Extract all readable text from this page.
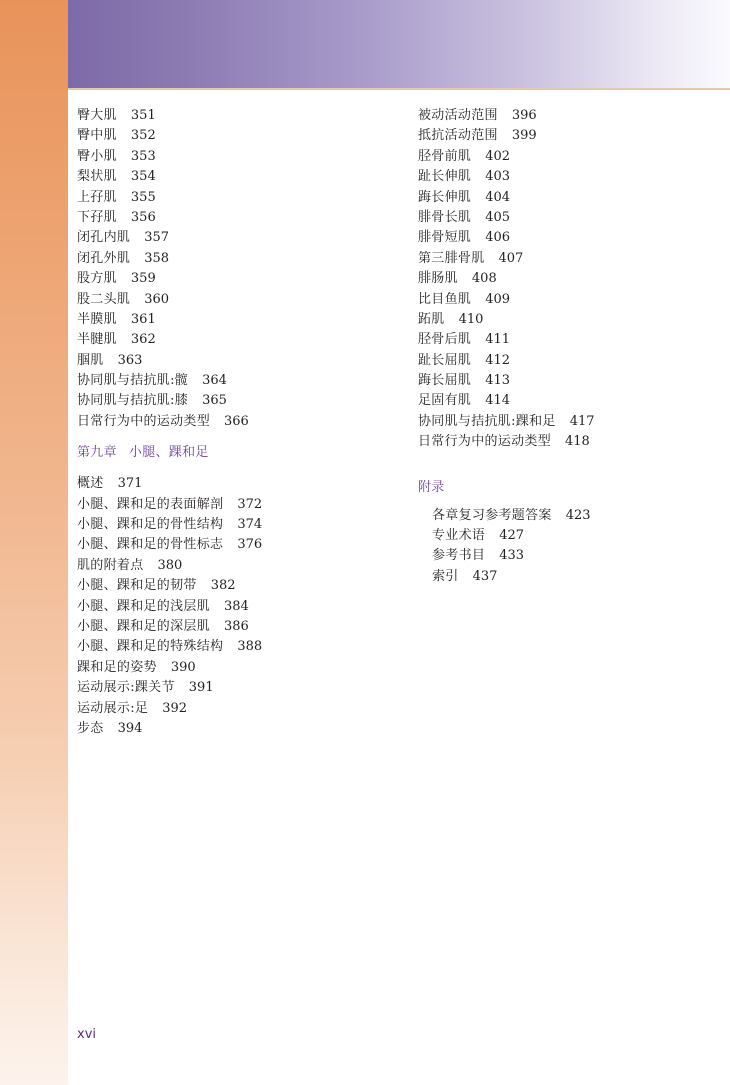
臀大肌 351
臀中肌 352
臀小肌 353
梨状肌 354
上孖肌 355
下孖肌 356
闭孔内肌 357
闭孔外肌 358
股方肌 359
股二头肌 360
半膜肌 361
半腱肌 362
腘肌 363
协同肌与拮抗肌:髋 364
协同肌与拮抗肌:膝 365
日常行为中的运动类型 366
第九章 小腿、踝和足
概述 371
小腿、踝和足的表面解剖 372
小腿、踝和足的骨性结构 374
小腿、踝和足的骨性标志 376
肌的附着点 380
小腿、踝和足的韧带 382
小腿、踝和足的浅层肌 384
小腿、踝和足的深层肌 386
小腿、踝和足的特殊结构 388
踝和足的姿势 390
运动展示:踝关节 391
运动展示:足 392
步态 394
被动活动范围 396
抵抗活动范围 399
胫骨前肌 402
趾长伸肌 403
踇长伸肌 404
腓骨长肌 405
腓骨短肌 406
第三腓骨肌 407
腓肠肌 408
比目鱼肌 409
跖肌 410
胫骨后肌 411
趾长屈肌 412
踇长屈肌 413
足固有肌 414
协同肌与拮抗肌:踝和足 417
日常行为中的运动类型 418
附录
各章复习参考题答案 423
专业术语 427
参考书目 433
索引 437
xvi
